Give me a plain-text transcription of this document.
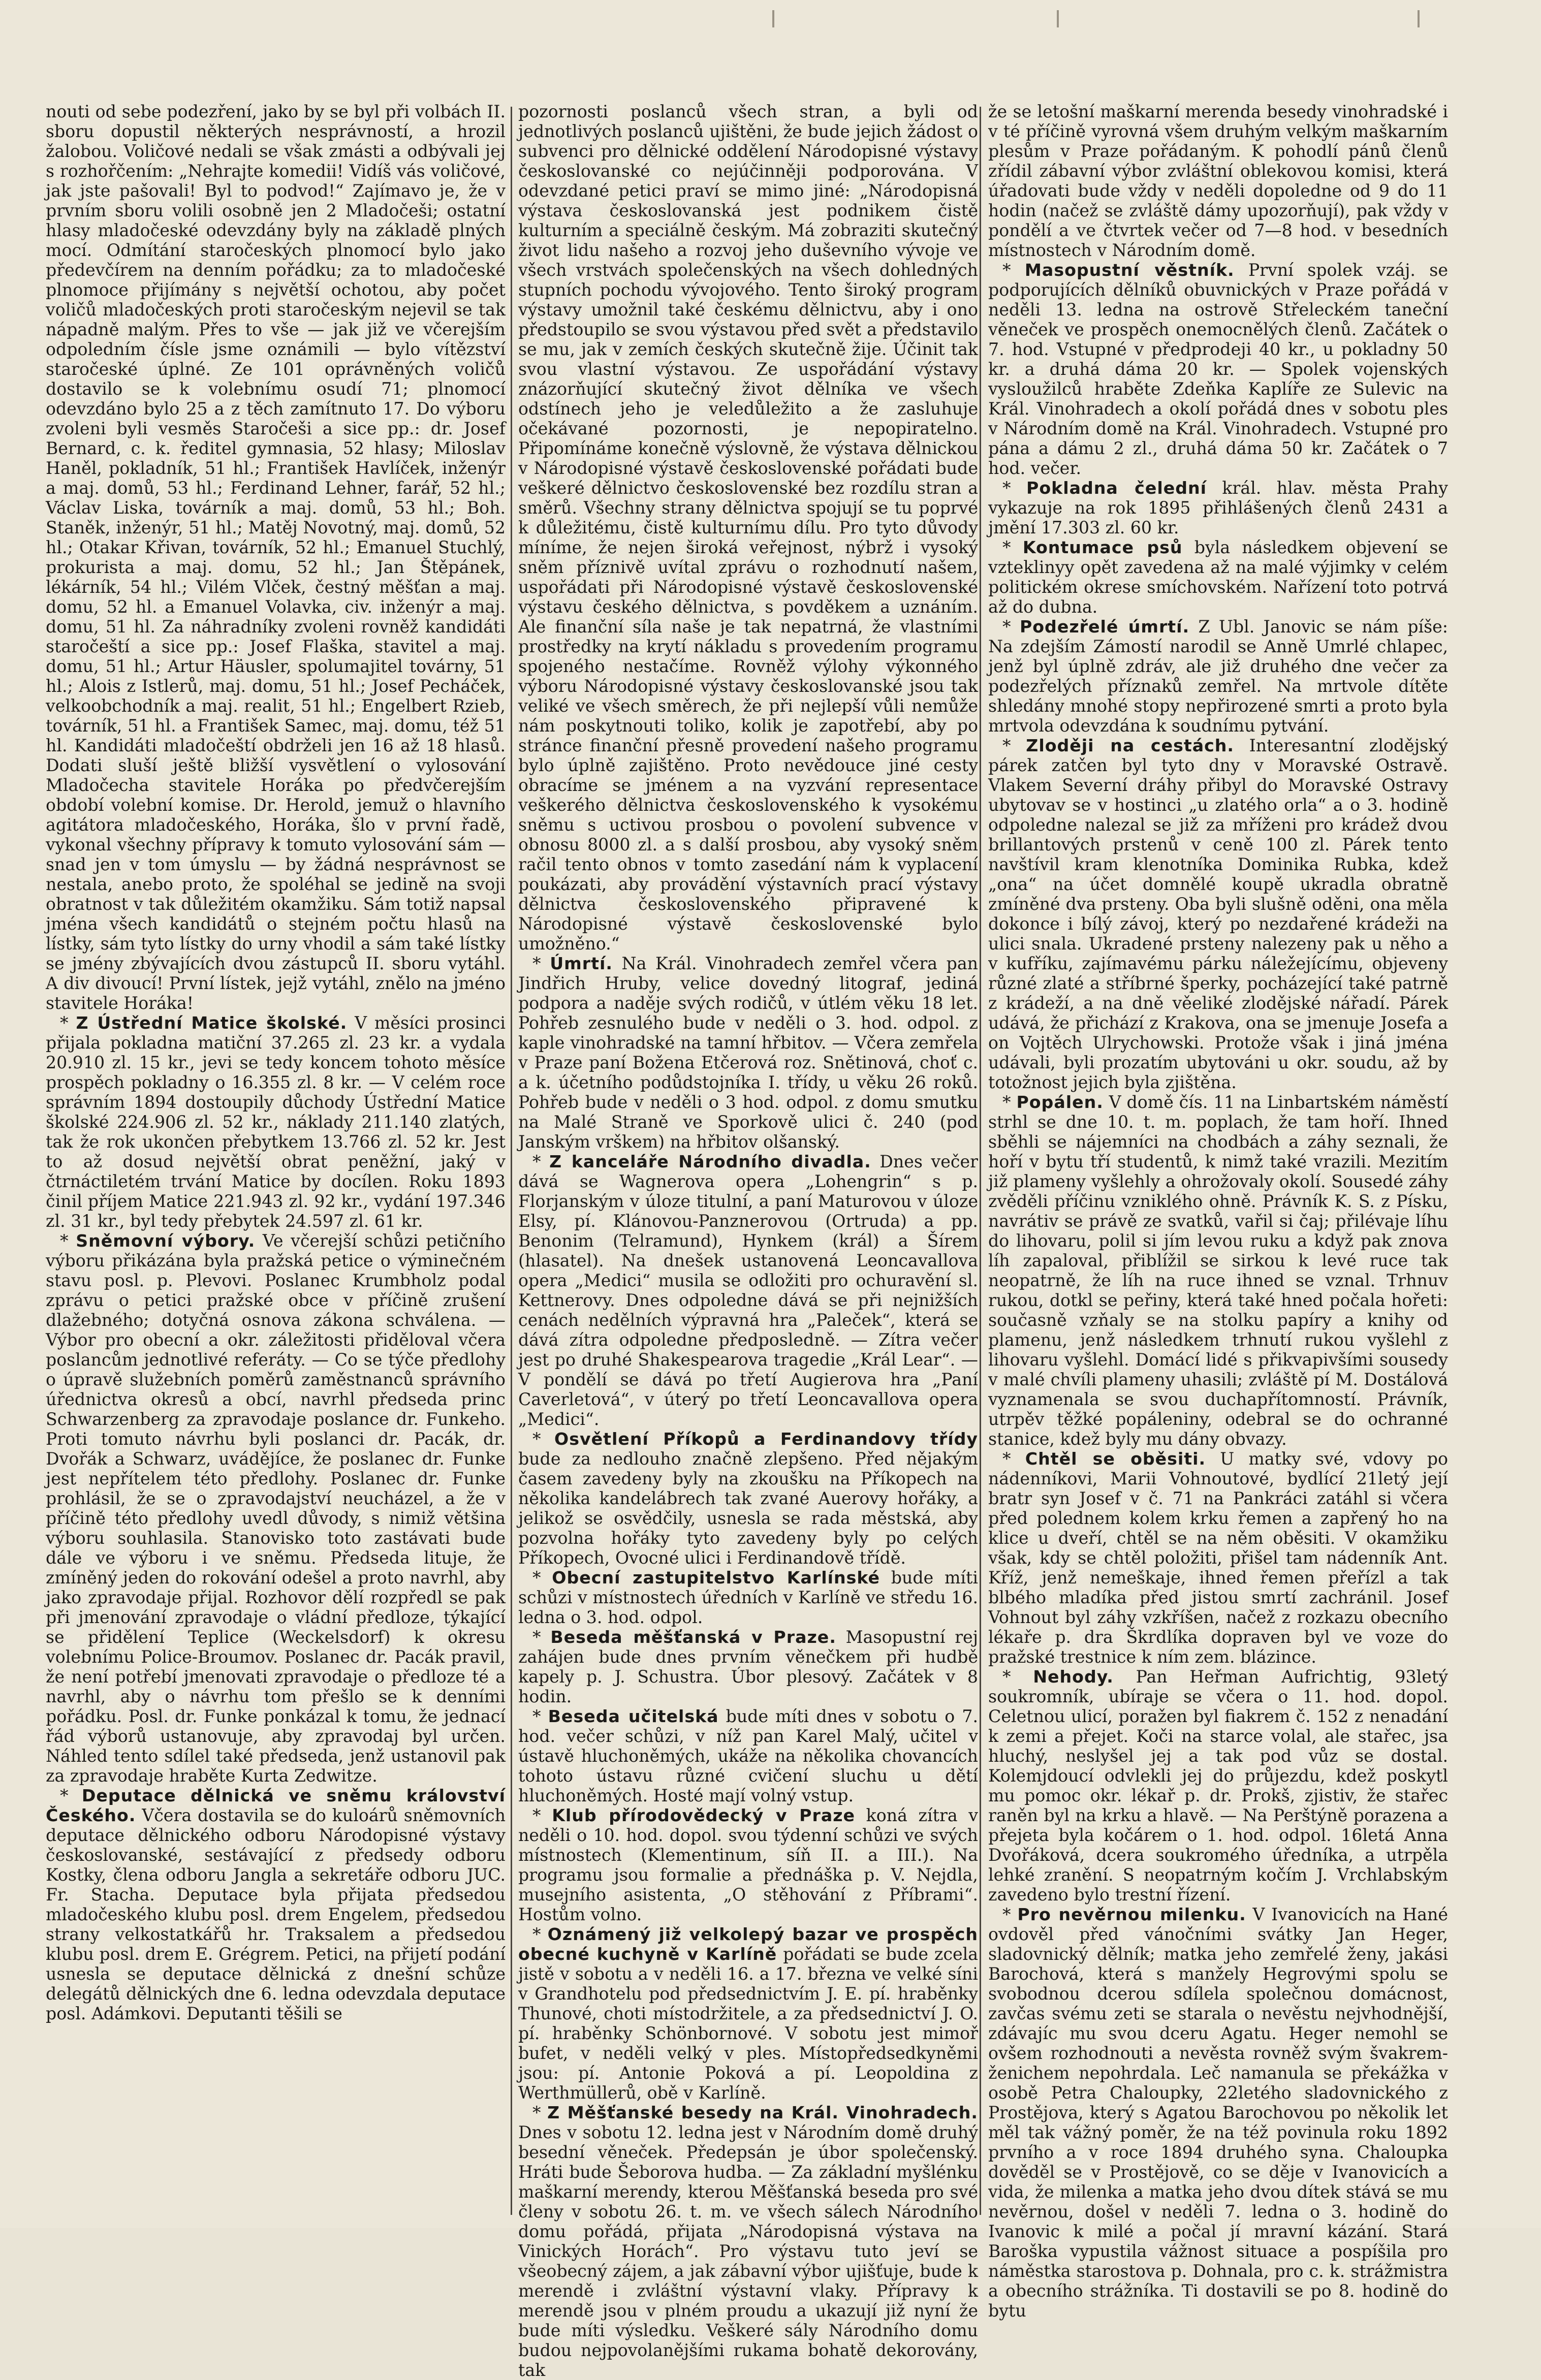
nouti od sebe podezření, jako by se byl při volbách II. sboru dopustil některých nesprávností, a hrozil žalobou. Voličové nedali se však zmásti a odbývali jej s rozhořčením: „Nehrajte komedii! Vidíš vás voličové, jak jste pašovali! Byl to podvod!“ Zajímavo je, že v prvním sboru volili osobně jen 2 Mladočeši; ostatní hlasy mladočeské odevzdány byly na základě plných mocí. Odmítání staročeských plnomocí bylo jako předevčírem na denním pořádku; za to mladočeské plnomoce přijímány s největší ochotou, aby počet voličů mladočeských proti staročeským nejevil se tak nápadně malým. Přes to vše — jak již ve včerejším odpoledním čísle jsme oznámili — bylo vítězství staročeské úplné. Ze 101 oprávněných voličů dostavilo se k volebnímu osudí 71; plnomocí odevzdáno bylo 25 a z těch zamítnuto 17. Do výboru zvoleni byli vesměs Staročeši a sice pp.: dr. Josef Bernard, c. k. ředitel gymnasia, 52 hlasy; Miloslav Haněl, pokladník, 51 hl.; František Havlíček, inženýr a maj. domů, 53 hl.; Ferdinand Lehner, farář, 52 hl.; Václav Liska, továrník a maj. domů, 53 hl.; Boh. Staněk, inženýr, 51 hl.; Matěj Novotný, maj. domů, 52 hl.; Otakar Křivan, továrník, 52 hl.; Emanuel Stuchlý, prokurista a maj. domu, 52 hl.; Jan Štěpánek, lékárník, 54 hl.; Vilém Vlček, čestný měšťan a maj. domu, 52 hl. a Emanuel Volavka, civ. inženýr a maj. domu, 51 hl. Za náhradníky zvoleni rovněž kandidáti staročeští a sice pp.: Josef Flaška, stavitel a maj. domu, 51 hl.; Artur Häusler, spolumajitel továrny, 51 hl.; Alois z Istlerů, maj. domu, 51 hl.; Josef Pecháček, velkoobchodník a maj. realit, 51 hl.; Engelbert Rzieb, továrník, 51 hl. a František Samec, maj. domu, též 51 hl. Kandidáti mladočeští obdrželi jen 16 až 18 hlasů. Dodati sluší ještě bližší vysvětlení o vylosování Mladočecha stavitele Horáka po předvčerejším období volební komise. Dr. Herold, jemuž o hlavního agitátora mladočeského, Horáka, šlo v první řadě, vykonal všechny přípravy k tomuto vylosování sám — snad jen v tom úmyslu — by žádná nesprávnost se nestala, anebo proto, že spoléhal se jedině na svoji obratnost v tak důležitém okamžiku. Sám totiž napsal jména všech kandidátů o stejném počtu hlasů na lístky, sám tyto lístky do urny vhodil a sám také lístky se jmény zbývajících dvou zástupců II. sboru vytáhl. A div divoucí! První lístek, jejž vytáhl, znělo na jméno stavitele Horáka!

* Z Ústřední Matice školské. V měsíci prosinci přijala pokladna matiční 37.265 zl. 23 kr. a vydala 20.910 zl. 15 kr., jevi se tedy koncem tohoto měsíce prospěch pokladny o 16.355 zl. 8 kr. — V celém roce správním 1894 dostoupily důchody Ústřední Matice školské 224.906 zl. 52 kr., náklady 211.140 zlatých, tak že rok ukončen přebytkem 13.766 zl. 52 kr. Jest to až dosud největší obrat peněžní, jaký v čtrnáctiletém trvání Matice by docílen. Roku 1893 činil příjem Matice 221.943 zl. 92 kr., vydání 197.346 zl. 31 kr., byl tedy přebytek 24.597 zl. 61 kr.

* Sněmovní výbory. Ve včerejší schůzi petičního výboru přikázána byla pražská petice o výminečném stavu posl. p. Plevovi. Poslanec Krumbholz podal zprávu o petici pražské obce v příčině zrušení dlažebného; dotyčná osnova zákona schválena. — Výbor pro obecní a okr. záležitosti přiděloval včera poslancům jednotlivé referáty. — Co se týče předlohy o úpravě služebních poměrů zaměstnanců správního úřednictva okresů a obcí, navrhl předseda princ Schwarzenberg za zpravodaje poslance dr. Funkeho. Proti tomuto návrhu byli poslanci dr. Pacák, dr. Dvořák a Schwarz, uvádějíce, že poslanec dr. Funke jest nepřítelem této předlohy. Poslanec dr. Funke prohlásil, že se o zpravodajství neucházel, a že v příčině této předlohy uvedl důvody, s nimiž většina výboru souhlasila. Stanovisko toto zastávati bude dále ve výboru i ve sněmu. Předseda lituje, že zmíněný jeden do rokování odešel a proto navrhl, aby jako zpravodaje přijal. Rozhovor dělí rozpředl se pak při jmenování zpravodaje o vládní předloze, týkající se přidělení Teplice (Weckelsdorf) k okresu volebnímu Police-Broumov. Poslanec dr. Pacák pravil, že není potřebí jmenovati zpravodaje o předloze té a navrhl, aby o návrhu tom přešlo se k denními pořádku. Posl. dr. Funke ponkázal k tomu, že jednací řád výborů ustanovuje, aby zpravodaj byl určen. Náhled tento sdílel také předseda, jenž ustanovil pak za zpravodaje hraběte Kurta Zedwitze.

* Deputace dělnická ve sněmu království Českého. Včera dostavila se do kuloárů sněmovních deputace dělnického odboru Národopisné výstavy českoslovanské, sestávající z předsedy odboru Kostky, člena odboru Jangla a sekretáře odboru JUC. Fr. Stacha. Deputace byla přijata předsedou mladočeského klubu posl. drem Engelem, předsedou strany velkostatkářů hr. Traksalem a předsedou klubu posl. drem E. Grégrem. Petici, na přijetí podání usnesla se deputace dělnická z dnešní schůze delegátů dělnických dne 6. ledna odevzdala deputace posl. Adámkovi. Deputanti těšili se

pozornosti poslanců všech stran, a byli od jednotlivých poslanců ujištěni, že bude jejich žádost o subvenci pro dělnické oddělení Národopisné výstavy českoslovanské co nejúčinněji podporována. V odevzdané petici praví se mimo jiné: „Národopisná výstava českoslovanská jest podnikem čistě kulturním a speciálně českým. Má zobraziti skutečný život lidu našeho a rozvoj jeho duševního vývoje ve všech vrstvách společenských na všech dohledných stupních pochodu vývojového. Tento široký program výstavy umožnil také českému dělnictvu, aby i ono předstoupilo se svou výstavou před svět a představilo se mu, jak v zemích českých skutečně žije. Účinit tak svou vlastní výstavou. Ze uspořádání výstavy znázorňující skutečný život dělníka ve všech odstínech jeho je veledůležito a že zasluhuje očekávané pozornosti, je nepopiratelno. Připomínáme konečně výslovně, že výstava dělnickou v Národopisné výstavě československé pořádati bude veškeré dělnictvo československé bez rozdílu stran a směrů. Všechny strany dělnictva spojují se tu poprvé k důležitému, čistě kulturnímu dílu. Pro tyto důvody míníme, že nejen široká veřejnost, nýbrž i vysoký sněm příznivě uvítal zprávu o rozhodnutí našem, uspořádati při Národopisné výstavě československé výstavu českého dělnictva, s povděkem a uznáním. Ale finanční síla naše je tak nepatrná, že vlastními prostředky na krytí nákladu s provedením programu spojeného nestačíme. Rovněž výlohy výkonného výboru Národopisné výstavy českoslovanské jsou tak veliké ve všech směrech, že při nejlepší vůli nemůže nám poskytnouti toliko, kolik je zapotřebí, aby po stránce finanční přesně provedení našeho programu bylo úplně zajištěno. Proto nevědouce jiné cesty obracíme se jménem a na vyzvání representace veškerého dělnictva československého k vysokému sněmu s uctivou prosbou o povolení subvence v obnosu 8000 zl. a s další prosbou, aby vysoký sněm račil tento obnos v tomto zasedání nám k vyplacení poukázati, aby provádění výstavních prací výstavy dělnictva československého připravené k Národopisné výstavě československé bylo umožněno.“

* Úmrtí. Na Král. Vinohradech zemřel včera pan Jindřich Hruby, velice dovedný litograf, jediná podpora a naděje svých rodičů, v útlém věku 18 let. Pohřeb zesnulého bude v neděli o 3. hod. odpol. z kaple vinohradské na tamní hřbitov. — Včera zemřela v Praze paní Božena Etčerová roz. Snětinová, choť c. a k. účetního podůdstojníka I. třídy, u věku 26 roků. Pohřeb bude v neděli o 3 hod. odpol. z domu smutku na Malé Straně ve Sporkově ulici č. 240 (pod Janským vrškem) na hřbitov olšanský.

* Z kanceláře Národního divadla. Dnes večer dává se Wagnerova opera „Lohengrin“ s p. Florjanským v úloze titulní, a paní Maturovou v úloze Elsy, pí. Klánovou-Panznerovou (Ortruda) a pp. Benonim (Telramund), Hynkem (král) a Šírem (hlasatel). Na dnešek ustanovená Leoncavallova opera „Medici“ musila se odložiti pro ochuravění sl. Kettnerovy. Dnes odpoledne dává se při nejnižších cenách nedělních výpravná hra „Paleček“, která se dává zítra odpoledne předposledně. — Zítra večer jest po druhé Shakespearova tragedie „Král Lear“. — V pondělí se dává po třetí Augierova hra „Paní Caverletová“, v úterý po třetí Leoncavallova opera „Medici“.

* Osvětlení Příkopů a Ferdinandovy třídy bude za nedlouho značně zlepšeno. Před nějakým časem zavedeny byly na zkoušku na Příkopech na několika kandelábrech tak zvané Auerovy hořáky, a jelikož se osvědčily, usnesla se rada městská, aby pozvolna hořáky tyto zavedeny byly po celých Příkopech, Ovocné ulici i Ferdinandově třídě.

* Obecní zastupitelstvo Karlínské bude míti schůzi v místnostech úředních v Karlíně ve středu 16. ledna o 3. hod. odpol.

* Beseda měšťanská v Praze. Masopustní rej zahájen bude dnes prvním věnečkem při hudbě kapely p. J. Schustra. Úbor plesový. Začátek v 8 hodin.

* Beseda učitelská bude míti dnes v sobotu o 7. hod. večer schůzi, v níž pan Karel Malý, učitel v ústavě hluchoněmých, ukáže na několika chovancích tohoto ústavu různé cvičení sluchu u dětí hluchoněmých. Hosté mají volný vstup.

* Klub přírodovědecký v Praze koná zítra v neděli o 10. hod. dopol. svou týdenní schůzi ve svých místnostech (Klementinum, síň II. a III.). Na programu jsou formalie a přednáška p. V. Nejdla, musejního asistenta, „O stěhování z Příbrami“. Hostům volno.

* Oznámený již velkolepý bazar ve prospěch obecné kuchyně v Karlíně pořádati se bude zcela jistě v sobotu a v neděli 16. a 17. března ve velké síni v Grandhotelu pod předsednictvím J. E. pí. hraběnky Thunové, choti místodržitele, a za předsednictví J. O. pí. hraběnky Schönbornové. V sobotu jest mimoř bufet, v neděli velký v ples. Místopředsedkyněmi jsou: pí. Antonie Poková a pí. Leopoldina z Werthmüllerů, obě v Karlíně.

* Z Měšťanské besedy na Král. Vinohradech. Dnes v sobotu 12. ledna jest v Národním domě druhý besední věneček. Předepsán je úbor společenský. Hráti bude Šeborova hudba. — Za základní myšlénku maškarní merendy, kterou Měšťanská beseda pro své členy v sobotu 26. t. m. ve všech sálech Národního domu pořádá, přijata „Národopisná výstava na Vinických Horách“. Pro výstavu tuto jeví se všeobecný zájem, a jak zábavní výbor ujišťuje, bude k merendě i zvláštní výstavní vlaky. Přípravy k merendě jsou v plném proudu a ukazují již nyní že bude míti výsledku. Veškeré sály Národního domu budou nejpovolanějšími rukama bohatě dekorovány, tak

že se letošní maškarní merenda besedy vinohradské i v té příčině vyrovná všem druhým velkým maškarním plesům v Praze pořádaným. K pohodlí pánů členů zřídil zábavní výbor zvláštní oblekovou komisi, která úřadovati bude vždy v neděli dopoledne od 9 do 11 hodin (načež se zvláště dámy upozorňují), pak vždy v pondělí a ve čtvrtek večer od 7—8 hod. v besedních místnostech v Národním domě.

* Masopustní věstník. První spolek vzáj. se podporujících dělníků obuvnických v Praze pořádá v neděli 13. ledna na ostrově Střeleckém taneční věneček ve prospěch onemocnělých členů. Začátek o 7. hod. Vstupné v předprodeji 40 kr., u pokladny 50 kr. a druhá dáma 20 kr. — Spolek vojenských vysloužilců hraběte Zdeňka Kaplíře ze Sulevic na Král. Vinohradech a okolí pořádá dnes v sobotu ples v Národním domě na Král. Vinohradech. Vstupné pro pána a dámu 2 zl., druhá dáma 50 kr. Začátek o 7 hod. večer.

* Pokladna čelední král. hlav. města Prahy vykazuje na rok 1895 přihlášených členů 2431 a jmění 17.303 zl. 60 kr.

* Kontumace psů byla následkem objevení se vzteklinyy opět zavedena až na malé výjimky v celém politickém okrese smíchovském. Nařízení toto potrvá až do dubna.

* Podezřelé úmrtí. Z Ubl. Janovic se nám píše: Na zdejším Zámostí narodil se Anně Umrlé chlapec, jenž byl úplně zdráv, ale již druhého dne večer za podezřelých příznaků zemřel. Na mrtvole dítěte shledány mnohé stopy nepřirozené smrti a proto byla mrtvola odevzdána k soudnímu pytvání.

* Zloději na cestách. Interesantní zlodějský párek zatčen byl tyto dny v Moravské Ostravě. Vlakem Severní dráhy přibyl do Moravské Ostravy ubytovav se v hostinci „u zlatého orla“ a o 3. hodině odpoledne nalezal se již za mříženi pro krádež dvou brillantových prstenů v ceně 100 zl. Párek tento navštívil kram klenotníka Dominika Rubka, kdež „ona“ na účet domnělé koupě ukradla obratně zmíněné dva prsteny. Oba byli slušně oděni, ona měla dokonce i bílý závoj, který po nezdařené krádeži na ulici snala. Ukradené prsteny nalezeny pak u něho a v kufříku, zajímavému párku náležejícímu, objeveny různé zlaté a stříbrné šperky, pocházející také patrně z krádeží, a na dně věeliké zlodějské nářadí. Párek udává, že přichází z Krakova, ona se jmenuje Josefa a on Vojtěch Ulrychowski. Protože však i jiná jména udávali, byli prozatím ubytováni u okr. soudu, až by totožnost jejich byla zjištěna.

* Popálen. V domě čís. 11 na Linbartském náměstí strhl se dne 10. t. m. poplach, že tam hoří. Ihned sběhli se nájemníci na chodbách a záhy seznali, že hoří v bytu tří studentů, k nimž také vrazili. Mezitím již plameny vyšlehly a ohrožovaly okolí. Sousedé záhy zvěděli příčinu vzniklého ohně. Právník K. S. z Písku, navrátiv se právě ze svatků, vařil si čaj; přilévaje líhu do lihovaru, polil si jím levou ruku a když pak znova líh zapaloval, přiblížil se sirkou k levé ruce tak neopatrně, že líh na ruce ihned se vznal. Trhnuv rukou, dotkl se peřiny, která také hned počala hořeti: současně vzňaly se na stolku papíry a knihy od plamenu, jenž následkem trhnutí rukou vyšlehl z lihovaru vyšlehl. Domácí lidé s přikvapivšími sousedy v malé chvíli plameny uhasili; zvláště pí M. Dostálová vyznamenala se svou duchapřítomností. Právník, utrpěv těžké popáleniny, odebral se do ochranné stanice, kdež byly mu dány obvazy.

* Chtěl se oběsiti. U matky své, vdovy po nádenníkovi, Marii Vohnoutové, bydlící 21letý její bratr syn Josef v č. 71 na Pankráci zatáhl si včera před polednem kolem krku řemen a zapřený ho na klice u dveří, chtěl se na něm oběsiti. V okamžiku však, kdy se chtěl položiti, přišel tam nádenník Ant. Kříž, jenž nemeškaje, ihned řemen přeřízl a tak blbého mladíka před jistou smrtí zachránil. Josef Vohnout byl záhy vzkříšen, načež z rozkazu obecního lékaře p. dra Škrdlíka dopraven byl ve voze do pražské trestnice k ním zem. blázince.

* Nehody. Pan Heřman Aufrichtig, 93letý soukromník, ubíraje se včera o 11. hod. dopol. Celetnou ulicí, poražen byl fiakrem č. 152 z nenadání k zemi a přejet. Koči na starce volal, ale stařec, jsa hluchý, neslyšel jej a tak pod vůz se dostal. Kolemjdoucí odvlekli jej do průjezdu, kdež poskytl mu pomoc okr. lékař p. dr. Prokš, zjistiv, že stařec raněn byl na krku a hlavě. — Na Perštýně porazena a přejeta byla kočárem o 1. hod. odpol. 16letá Anna Dvořáková, dcera soukromého úředníka, a utrpěla lehké zranění. S neopatrným kočím J. Vrchlabským zavedeno bylo trestní řízení.

* Pro nevěrnou milenku. V Ivanovicích na Hané ovdověl před vánočními svátky Jan Heger, sladovnický dělník; matka jeho zemřelé ženy, jakási Barochová, která s manžely Hegrovými spolu se svobodnou dcerou sdílela společnou domácnost, zavčas svému zeti se starala o nevěstu nejvhodnější, zdávajíc mu svou dceru Agatu. Heger nemohl se ovšem rozhodnouti a nevěsta rovněž svým švakrem-ženichem nepohrdala. Leč namanula se překážka v osobě Petra Chaloupky, 22letého sladovnického z Prostějova, který s Agatou Barochovou po několik let měl tak vážný poměr, že na též povinula roku 1892 prvního a v roce 1894 druhého syna. Chaloupka dověděl se v Prostějově, co se děje v Ivanovicích a vida, že milenka a matka jeho dvou dítek stává se mu nevěrnou, došel v neděli 7. ledna o 3. hodině do Ivanovic k milé a počal jí mravní kázání. Stará Baroška vypustila vážnost situace a pospíšila pro náměstka starostova p. Dohnala, pro c. k. strážmistra a obecního strážníka. Ti dostavili se po 8. hodině do bytu
